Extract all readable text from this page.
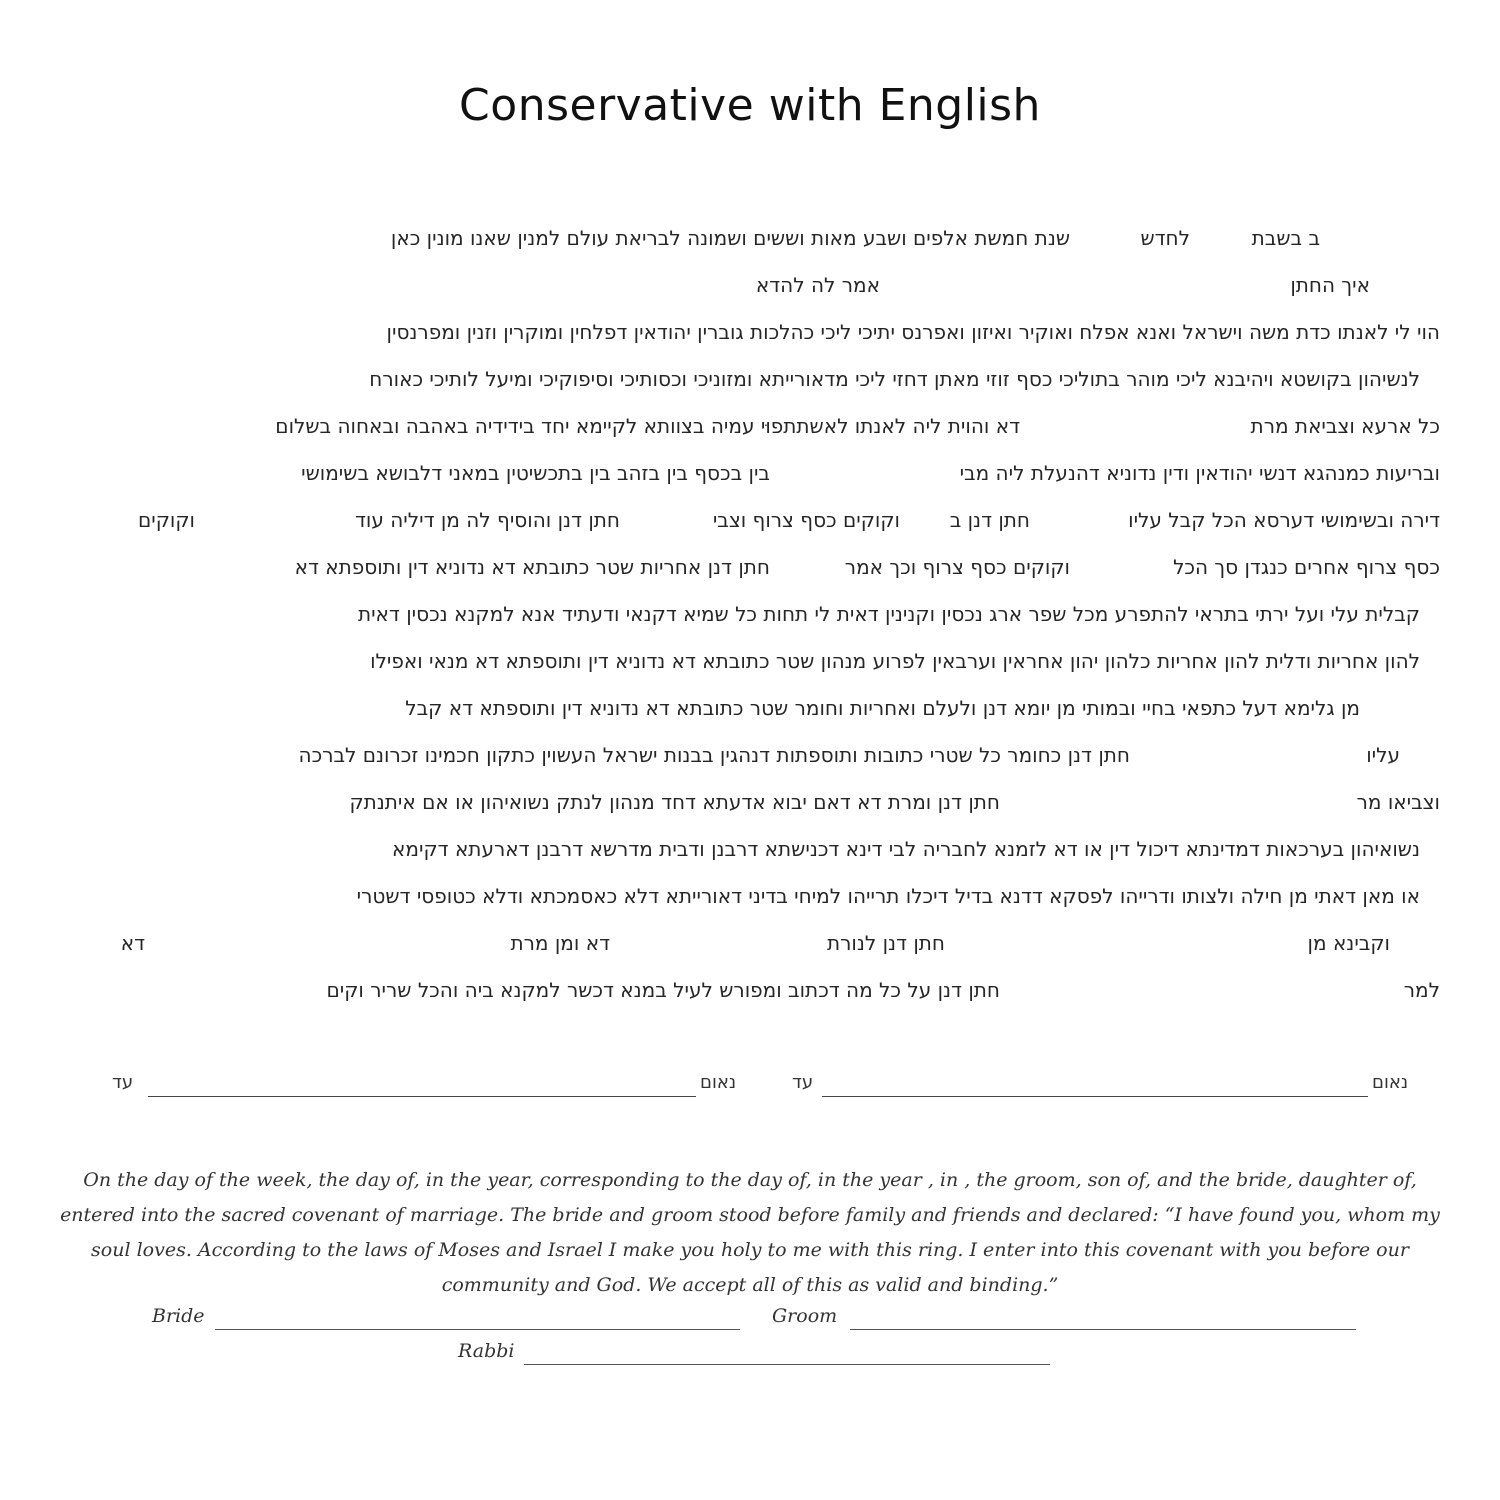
Conservative with English
ב בשבת
לחדש
שנת חמשת אלפים ושבע מאות וששים ושמונה לבריאת עולם למנין שאנו מונין כאן
איך החתן
אמר לה להדא
הוי לי לאנתו כדת משה וישראל ואנא אפלח ואוקיר ואיזון ואפרנס יתיכי ליכי כהלכות גוברין יהודאין דפלחין ומוקרין וזנין ומפרנסין
לנשיהון בקושטא ויהיבנא ליכי מוהר בתוליכי כסף זוזי מאתן דחזי ליכי מדאורייתא ומזוניכי וכסותיכי וסיפוקיכי ומיעל לותיכי כאורח
כל ארעא וצביאת מרת
דא והוית ליה לאנתו לאשתתפוּי עמיה בצוותא לקיימא יחד בידידיה באהבה ובאחוה בשלום
ובריעות כמנהגא דנשי יהודאין ודין נדוניא דהנעלת ליה מבי
בין בכסף בין בזהב בין בתכשיטין במאני דלבושא בשימושי
דירה ובשימושי דערסא הכל קבל עליו
חתן דנן ב
וקוקים כסף צרוף וצבי
חתן דנן והוסיף לה מן דיליה עוד
וקוקים
כסף צרוף אחרים כנגדן סך הכל
וקוקים כסף צרוף וכך אמר
חתן דנן אחריות שטר כתובתא דא נדוניא דין ותוספתא דא
קבלית עלי ועל ירתי בתראי להתפרע מכל שפר ארג נכסין וקנינין דאית לי תחות כל שמיא דקנאי ודעתיד אנא למקנא נכסין דאית
להון אחריות ודלית להון אחריות כלהון יהון אחראין וערבאין לפרוע מנהון שטר כתובתא דא נדוניא דין ותוספתא דא מנאי ואפילו
מן גלימא דעל כתפאי בחיי ובמותי מן יומא דנן ולעלם ואחריות וחומר שטר כתובתא דא נדוניא דין ותוספתא דא קבל
עליו
חתן דנן כחומר כל שטרי כתובות ותוספתות דנהגין בבנות ישראל העשוין כתקון חכמינו זכרונם לברכה
וצביאו מר
חתן דנן ומרת דא דאם יבוא אדעתא דחד מנהון לנתק נשואיהון או אם איתנתק
נשואיהון בערכאות דמדינתא דיכול דין או דא לזמנא לחבריה לבי דינא דכנישתא דרבנן ודבית מדרשא דרבנן דארעתא דקימא
או מאן דאתי מן חילה ולצותו ודרייהו לפסקא דדנא בדיל דיכלו תרייהו למיחי בדיני דאורייתא דלא כאסמכתא ודלא כטופסי דשטרי
וקבינא מן
חתן דנן לנורת
דא ומן מרת
דא
למר
חתן דנן על כל מה דכתוב ומפורש לעיל במנא דכשר למקנא ביה והכל שריר וקים
נאום
עד
נאום
עד
On the day of the week, the day of, in the year, corresponding to the day of, in the year , in , the groom, son of, and the bride, daughter of, entered into the sacred covenant of marriage. The bride and groom stood before family and friends and declared: “I have found you, whom my soul loves. According to the laws of Moses and Israel I make you holy to me with this ring. I enter into this covenant with you before our community and God. We accept all of this as valid and binding.”
Bride	Groom
Rabbi
